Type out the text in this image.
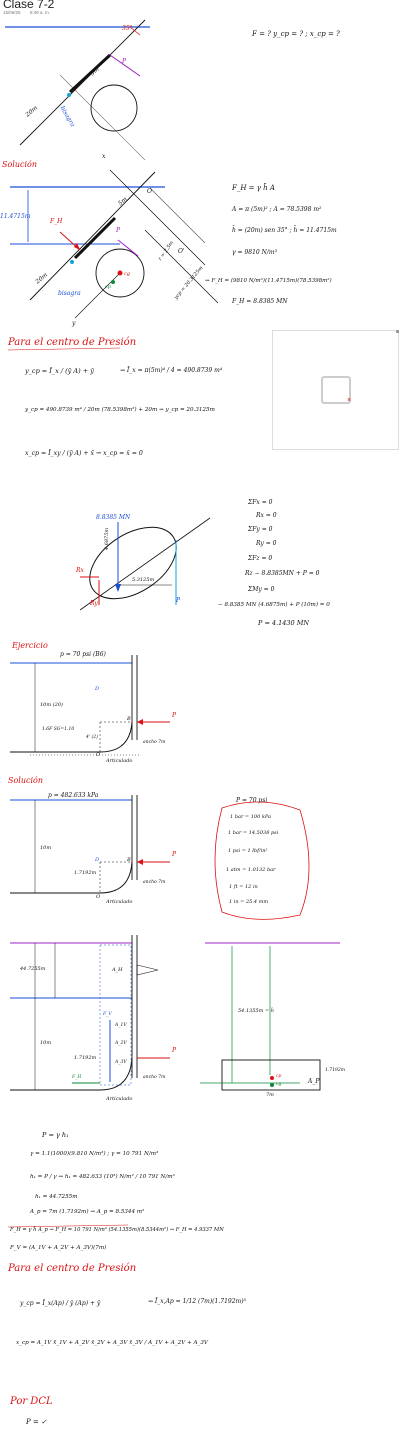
Clase 7-2
15/06/25 8:49 a. m.
F = ? y_cp = ? ; x_cp = ?
20m
5m
P
bisagra
35°
Solución
11.4715m
x
y
F_H
5m
P
20m
bisagra
O
O'
cg
cp
r = 2.5m
ycp = 20.3125m
F_H = γ h̄ A
A = π (5m)² ; A = 78.5398 m²
h̄ = (20m) sen 35° ; h̄ = 11.4715m
γ = 9810 N/m³
⇝ F_H = (9810 N/m³)(11.4715m)(78.5398m²)
F_H = 8.8385 MN
Para el centro de Presión
y_cp = Ī_x / (ȳ A) + ȳ	⇝ Ī_x = π(5m)⁴ / 4 = 490.8739 m⁴
y_cp = 490.8739 m⁴ / 20m (78.5398m²) + 20m ⇝ y_cp = 20.3125m
x_cp = Ī_xy / (ȳ A) + x̄ ⇝ x_cp = x̄ = 0
×
8.8385 MN
4.6875m
5.3125m
P
Rx
Ry
ΣFx = 0
Rx = 0
ΣFy = 0
Ry = 0
ΣFz = 0
Rz − 8.8385MN + P = 0
ΣMy = 0
− 8.8385 MN (4.6875m) + P (10m) = 0
P = 4.1430 MN
Ejercicio
p = 70 psi (B6)
10m (20)
1.6F SG=1.10
4' (2)
D
B
O
P
ancho 7m
Articulado
Solución
p = 482.633 kPa
10m
1.7192m
D	B
O
P
ancho 7m
Articulado
P = 70 psi
1 bar = 100 kPa
1 bar = 14.5038 psi
1 psi = 1 lbf/in²
1 atm = 1.0132 bar
1 ft = 12 in
1 in = 25.4 mm
44.7255m
10m
A_H
A_1V
A_2V
A_3V
F_V
F_H
1.7192m
P
ancho 7m
Articulado
54.1355m = h̄
1.7192m
7m
A_P
cp
cg
P = γ h₁
γ = 1.1(1000)(9.810 N/m³) ; γ = 10 791 N/m³
h₁ = P / γ ⇝ h₁ = 482.633 (10³) N/m² / 10 791 N/m³
h₁ = 44.7255m
A_p = 7m (1.7192m) ⇝ A_p = 8.5344 m²
F_H = γ h̄ A_p ⇝ F_H = 10 791 N/m³ (54.1355m)(8.5344m²) ⇝ F_H = 4.9337 MN
F_V = (A_1V + A_2V + A_3V)(7m)
Para el centro de Presión
y_cp = Ī_x(Ap) / ȳ (Ap) + ȳ	⇝ Ī_x,Ap = 1/12 (7m)(1.7192m)³
x_cp = A_1V x̄_1V + A_2V x̄_2V + A_3V x̄_3V / A_1V + A_2V + A_3V
Por DCL
P = ✓
